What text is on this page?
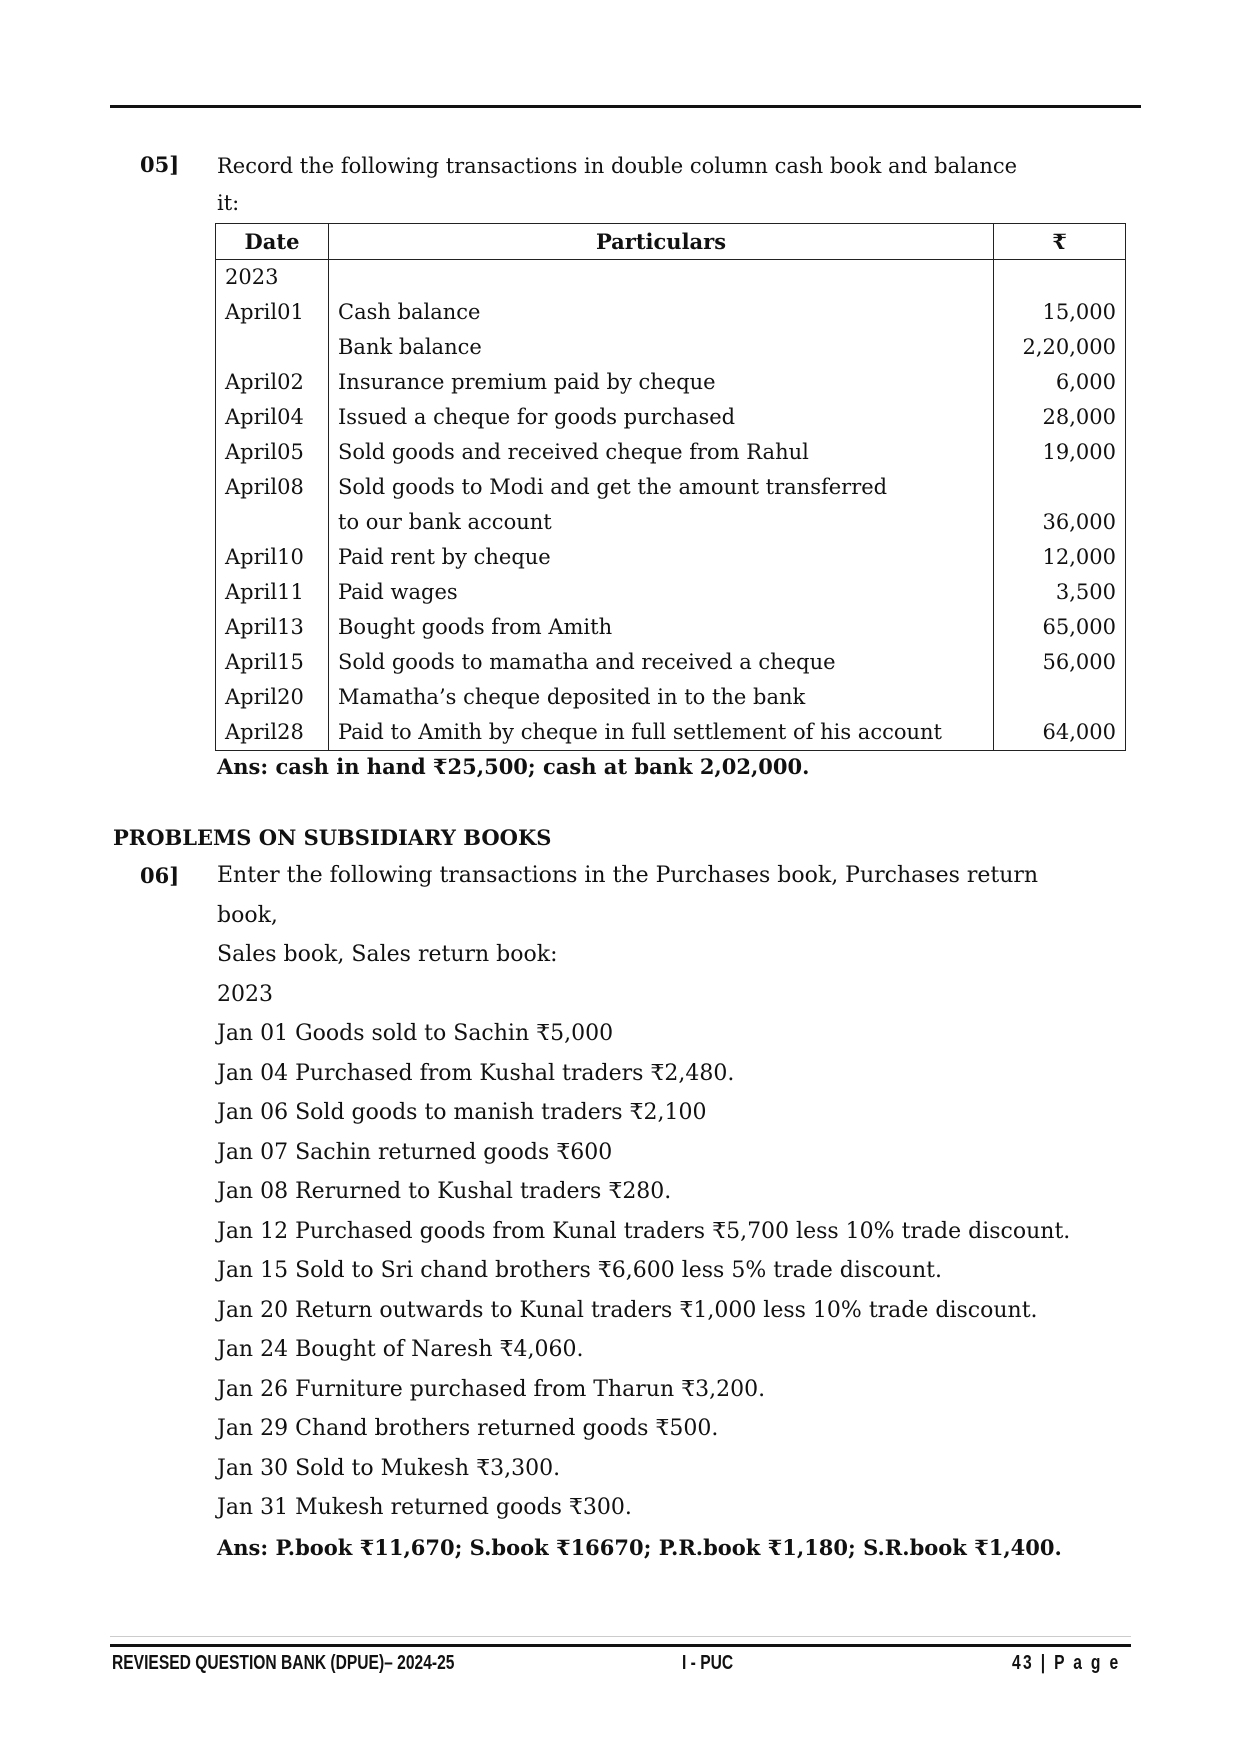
05] Record the following transactions in double column cash book and balance
it:
Date	Particulars	₹
2023		
April01	Cash balance	15,000
	Bank balance	2,20,000
April02	Insurance premium paid by cheque	6,000
April04	Issued a cheque for goods purchased	28,000
April05	Sold goods and received cheque from Rahul	19,000
April08	Sold goods to Modi and get the amount transferred	
	to our bank account	36,000
April10	Paid rent by cheque	12,000
April11	Paid wages	3,500
April13	Bought goods from Amith	65,000
April15	Sold goods to mamatha and received a cheque	56,000
April20	Mamatha’s cheque deposited in to the bank	
April28	Paid to Amith by cheque in full settlement of his account	64,000
Ans: cash in hand ₹25,500; cash at bank 2,02,000.
PROBLEMS ON SUBSIDIARY BOOKS
06] Enter the following transactions in the Purchases book, Purchases return
book,
Sales book, Sales return book:
2023
Jan 01 Goods sold to Sachin ₹5,000
Jan 04 Purchased from Kushal traders ₹2,480.
Jan 06 Sold goods to manish traders ₹2,100
Jan 07 Sachin returned goods ₹600
Jan 08 Rerurned to Kushal traders ₹280.
Jan 12 Purchased goods from Kunal traders ₹5,700 less 10% trade discount.
Jan 15 Sold to Sri chand brothers ₹6,600 less 5% trade discount.
Jan 20 Return outwards to Kunal traders ₹1,000 less 10% trade discount.
Jan 24 Bought of Naresh ₹4,060.
Jan 26 Furniture purchased from Tharun ₹3,200.
Jan 29 Chand brothers returned goods ₹500.
Jan 30 Sold to Mukesh ₹3,300.
Jan 31 Mukesh returned goods ₹300.
Ans: P.book ₹11,670; S.book ₹16670; P.R.book ₹1,180; S.R.book ₹1,400.
REVIESED QUESTION BANK (DPUE)– 2024-25	I - PUC	43 | P a g e
